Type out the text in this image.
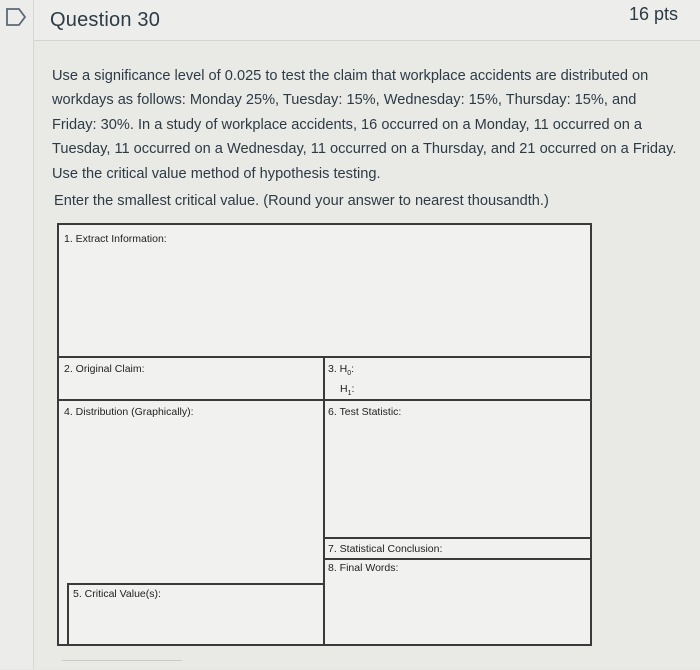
Question 30	16 pts
Use a significance level of 0.025 to test the claim that workplace accidents are distributed on workdays as follows: Monday 25%, Tuesday: 15%, Wednesday: 15%, Thursday: 15%, and Friday: 30%. In a study of workplace accidents, 16 occurred on a Monday, 11 occurred on a Tuesday, 11 occurred on a Wednesday, 11 occurred on a Thursday, and 21 occurred on a Friday. Use the critical value method of hypothesis testing.
Enter the smallest critical value. (Round your answer to nearest thousandth.)
1. Extract Information:
2. Original Claim:	3. $H_0$:
$H_1$:
4. Distribution (Graphically):	6. Test Statistic:
7. Statistical Conclusion:
8. Final Words:
5. Critical Value(s):
